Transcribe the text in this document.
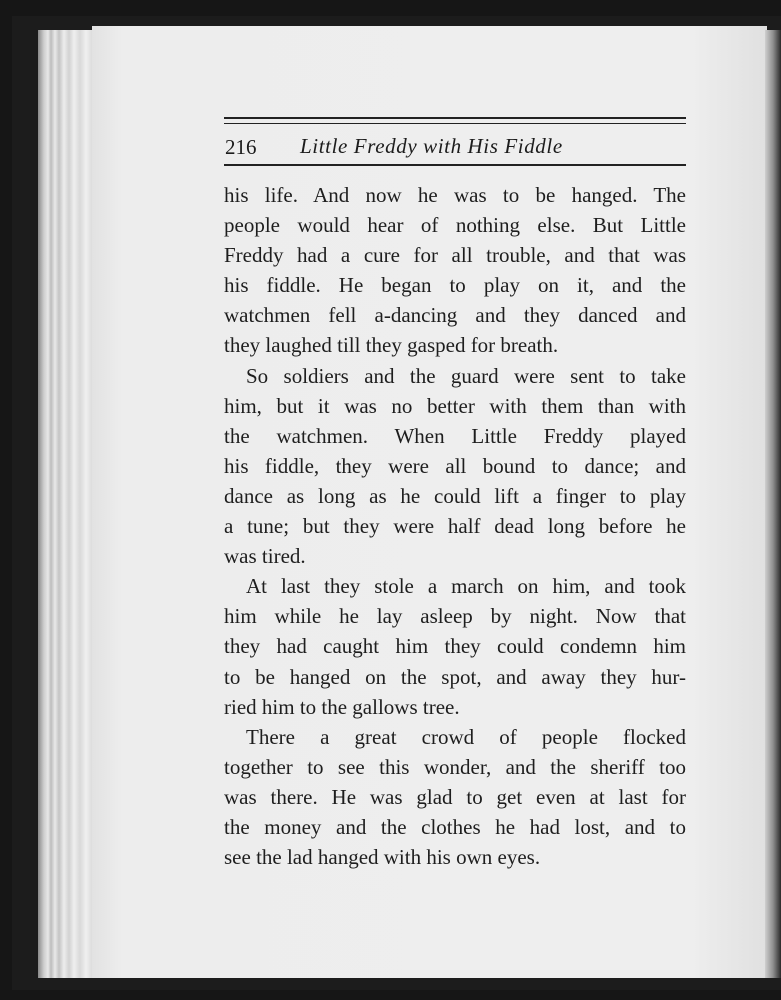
216 Little Freddy with His Fiddle
his life. And now he was to be hanged. The
people would hear of nothing else. But Little
Freddy had a cure for all trouble, and that was
his fiddle. He began to play on it, and the
watchmen fell a-dancing and they danced and
they laughed till they gasped for breath.
So soldiers and the guard were sent to take
him, but it was no better with them than with
the watchmen. When Little Freddy played
his fiddle, they were all bound to dance; and
dance as long as he could lift a finger to play
a tune; but they were half dead long before he
was tired.
At last they stole a march on him, and took
him while he lay asleep by night. Now that
they had caught him they could condemn him
to be hanged on the spot, and away they hur-
ried him to the gallows tree.
There a great crowd of people flocked
together to see this wonder, and the sheriff too
was there. He was glad to get even at last for
the money and the clothes he had lost, and to
see the lad hanged with his own eyes.
